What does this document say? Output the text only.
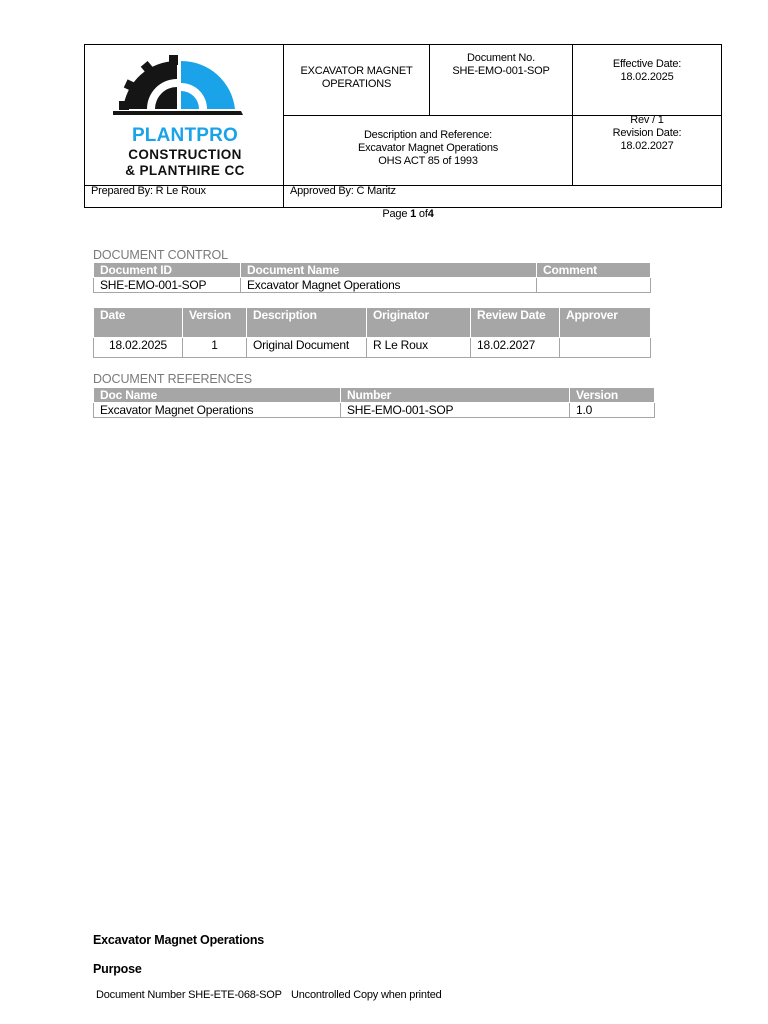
PLANTPRO
CONSTRUCTION
& PLANTHIRE CC
EXCAVATOR MAGNET
OPERATIONS
Document No.
SHE-EMO-001-SOP
Effective Date:
18.02.2025
Description and Reference:
Excavator Magnet Operations
OHS ACT 85 of 1993
Rev / 1
Revision Date:
18.02.2027
Prepared By: R Le Roux	Approved By: C Maritz
Page 1 of4
DOCUMENT CONTROL
Document ID	Document Name	Comment
SHE-EMO-001-SOP	Excavator Magnet Operations	
Date	Version	Description	Originator	Review Date	Approver
18.02.2025	1	Original Document	R Le Roux	18.02.2027	
DOCUMENT REFERENCES
Doc Name	Number	Version
Excavator Magnet Operations	SHE-EMO-001-SOP	1.0
Excavator Magnet Operations
Purpose
Document Number SHE-ETE-068-SOP Uncontrolled Copy when printed
